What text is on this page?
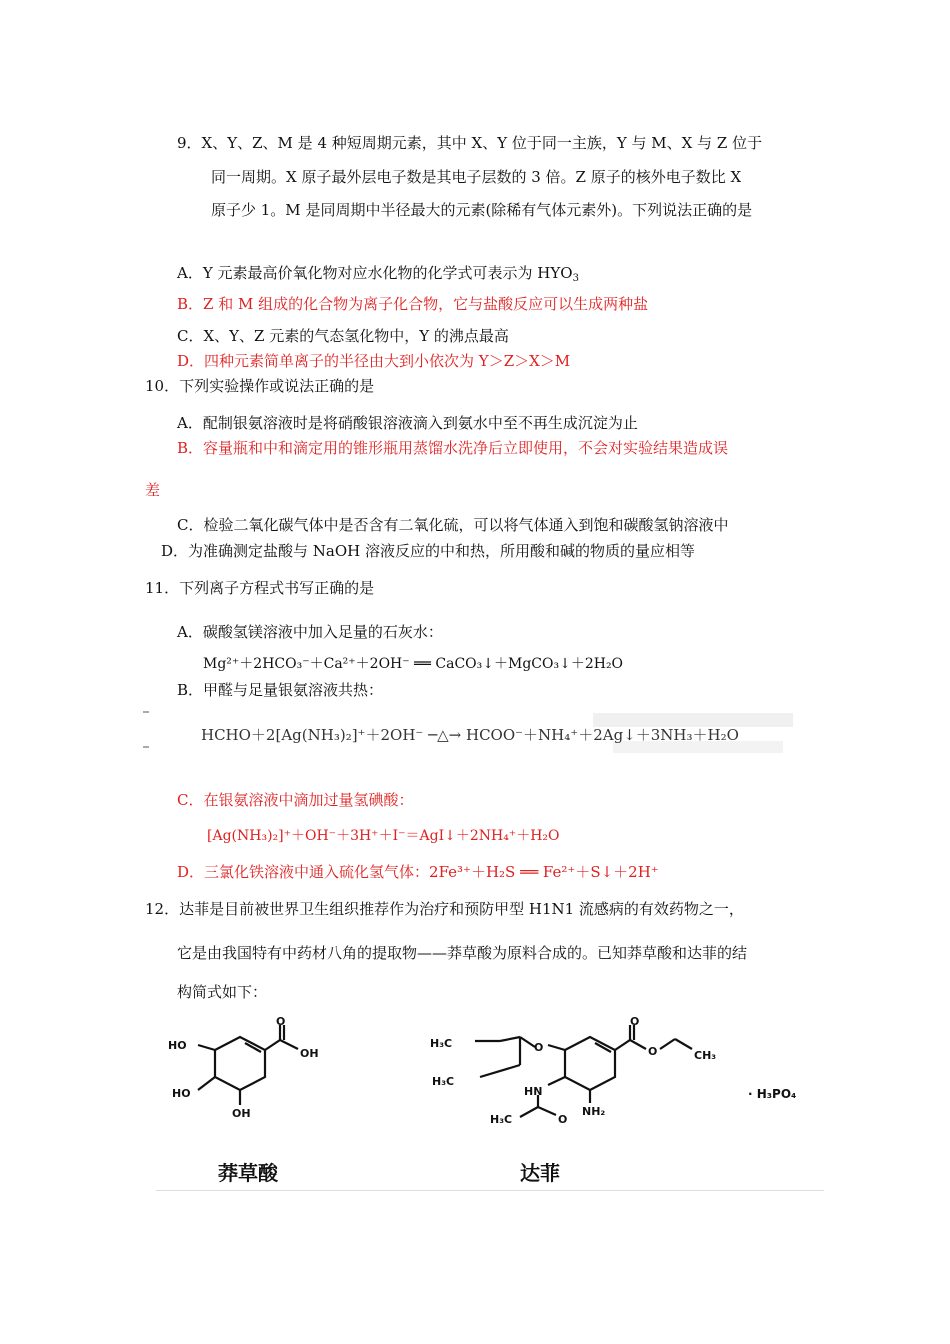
9．X、Y、Z、M 是 4 种短周期元素，其中 X、Y 位于同一主族，Y 与 M、X 与 Z 位于
同一周期。X 原子最外层电子数是其电子层数的 3 倍。Z 原子的核外电子数比 X
原子少 1。M 是同周期中半径最大的元素(除稀有气体元素外)。下列说法正确的是
A．Y 元素最高价氧化物对应水化物的化学式可表示为 $HYO_3$
B．Z 和 M 组成的化合物为离子化合物，它与盐酸反应可以生成两种盐
C．X、Y、Z 元素的气态氢化物中，Y 的沸点最高
D．四种元素简单离子的半径由大到小依次为 Y＞Z＞X＞M
10．下列实验操作或说法正确的是
A．配制银氨溶液时是将硝酸银溶液滴入到氨水中至不再生成沉淀为止
B．容量瓶和中和滴定用的锥形瓶用蒸馏水洗净后立即使用，不会对实验结果造成误
差
C．检验二氧化碳气体中是否含有二氧化硫，可以将气体通入到饱和碳酸氢钠溶液中
D．为准确测定盐酸与 NaOH 溶液反应的中和热，所用酸和碱的物质的量应相等
11．下列离子方程式书写正确的是
A．碳酸氢镁溶液中加入足量的石灰水：
Mg²⁺＋2HCO₃⁻＋Ca²⁺＋2OH⁻ ══ CaCO₃↓＋MgCO₃↓＋2H₂O
B．甲醛与足量银氨溶液共热：
HCHO＋2[Ag(NH₃)₂]⁺＋2OH⁻ ─△→ HCOO⁻＋NH₄⁺＋2Ag↓＋3NH₃＋H₂O
C．在银氨溶液中滴加过量氢碘酸：
[Ag(NH₃)₂]⁺＋OH⁻＋3H⁺＋I⁻＝AgI↓＋2NH₄⁺＋H₂O
D．三氯化铁溶液中通入硫化氢气体：2Fe³⁺＋H₂S ══ Fe²⁺＋S↓＋2H⁺
12．达菲是目前被世界卫生组织推荐作为治疗和预防甲型 H1N1 流感病的有效药物之一，
它是由我国特有中药材八角的提取物——莽草酸为原料合成的。已知莽草酸和达菲的结
构简式如下：
HO
OH
HO
OH
O
H₃C
H₃C
O	O	CH₃
HN
NH₂
O
H₃C
O
· H₃PO₄
莽草酸	达菲
